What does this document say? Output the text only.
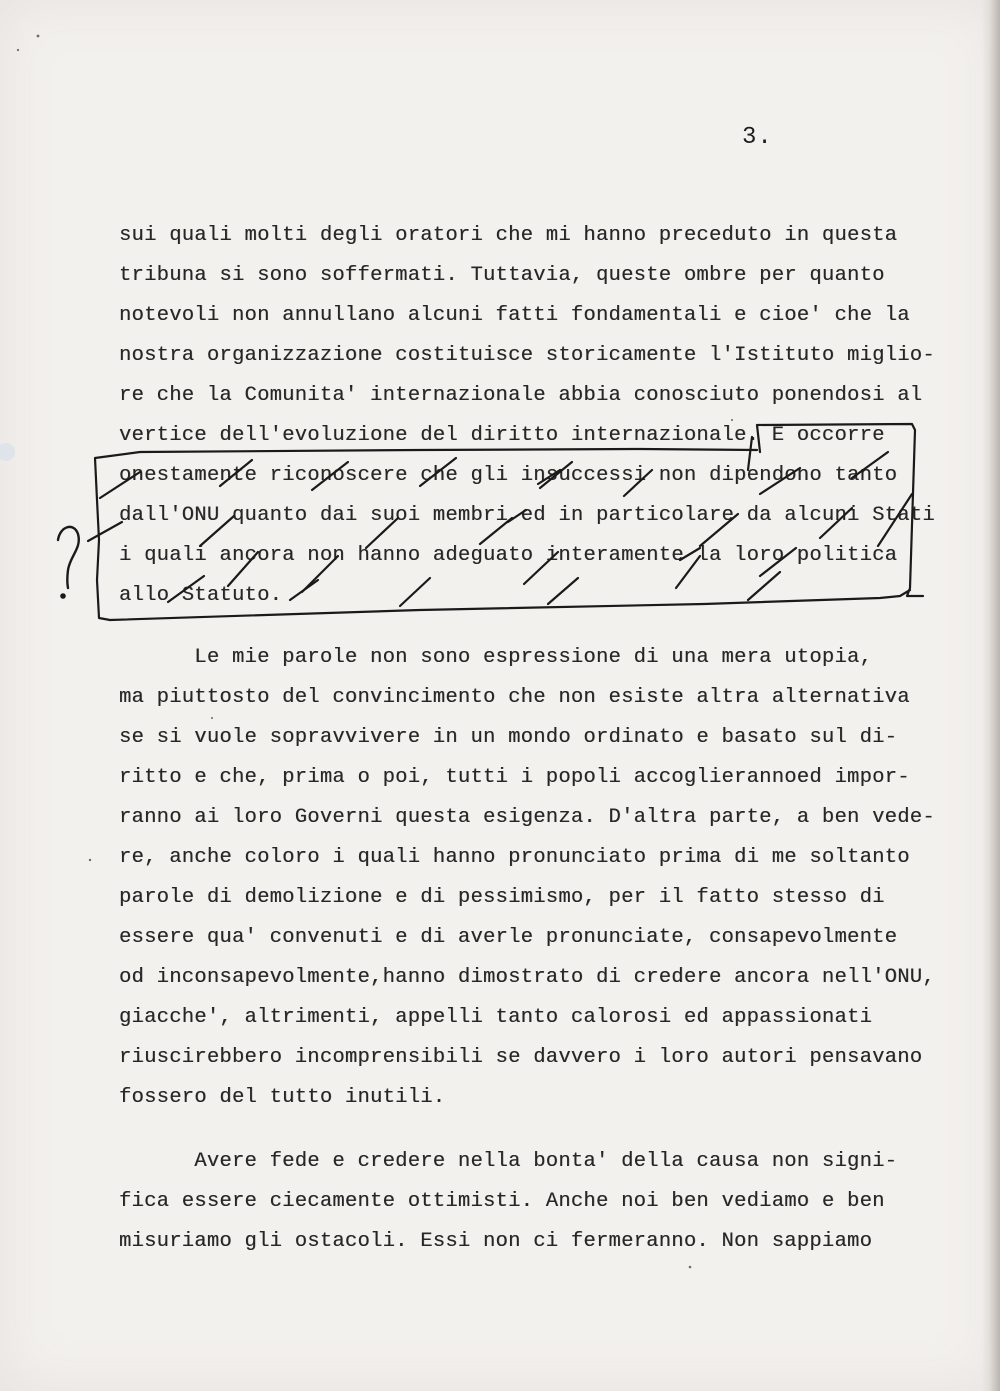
3.
sui quali molti degli oratori che mi hanno preceduto in questa
tribuna si sono soffermati. Tuttavia, queste ombre per quanto
notevoli non annullano alcuni fatti fondamentali e cioe' che la
nostra organizzazione costituisce storicamente l'Istituto miglio-
re che la Comunita' internazionale abbia conosciuto ponendosi al
vertice dell'evoluzione del diritto internazionale. E occorre
onestamente riconoscere che gli insuccessi non dipendono tanto
dall'ONU quanto dai suoi membri ed in particolare da alcuni Stati
i quali ancora non hanno adeguato interamente la loro politica
allo Statuto.
Le mie parole non sono espressione di una mera utopia,
ma piuttosto del convincimento che non esiste altra alternativa
se si vuole sopravvivere in un mondo ordinato e basato sul di-
ritto e che, prima o poi, tutti i popoli accoglierannoed impor-
ranno ai loro Governi questa esigenza. D'altra parte, a ben vede-
re, anche coloro i quali hanno pronunciato prima di me soltanto
parole di demolizione e di pessimismo, per il fatto stesso di
essere qua' convenuti e di averle pronunciate, consapevolmente
od inconsapevolmente,hanno dimostrato di credere ancora nell'ONU,
giacche', altrimenti, appelli tanto calorosi ed appassionati
riuscirebbero incomprensibili se davvero i loro autori pensavano
fossero del tutto inutili.
Avere fede e credere nella bonta' della causa non signi-
fica essere ciecamente ottimisti. Anche noi ben vediamo e ben
misuriamo gli ostacoli. Essi non ci fermeranno. Non sappiamo
?
